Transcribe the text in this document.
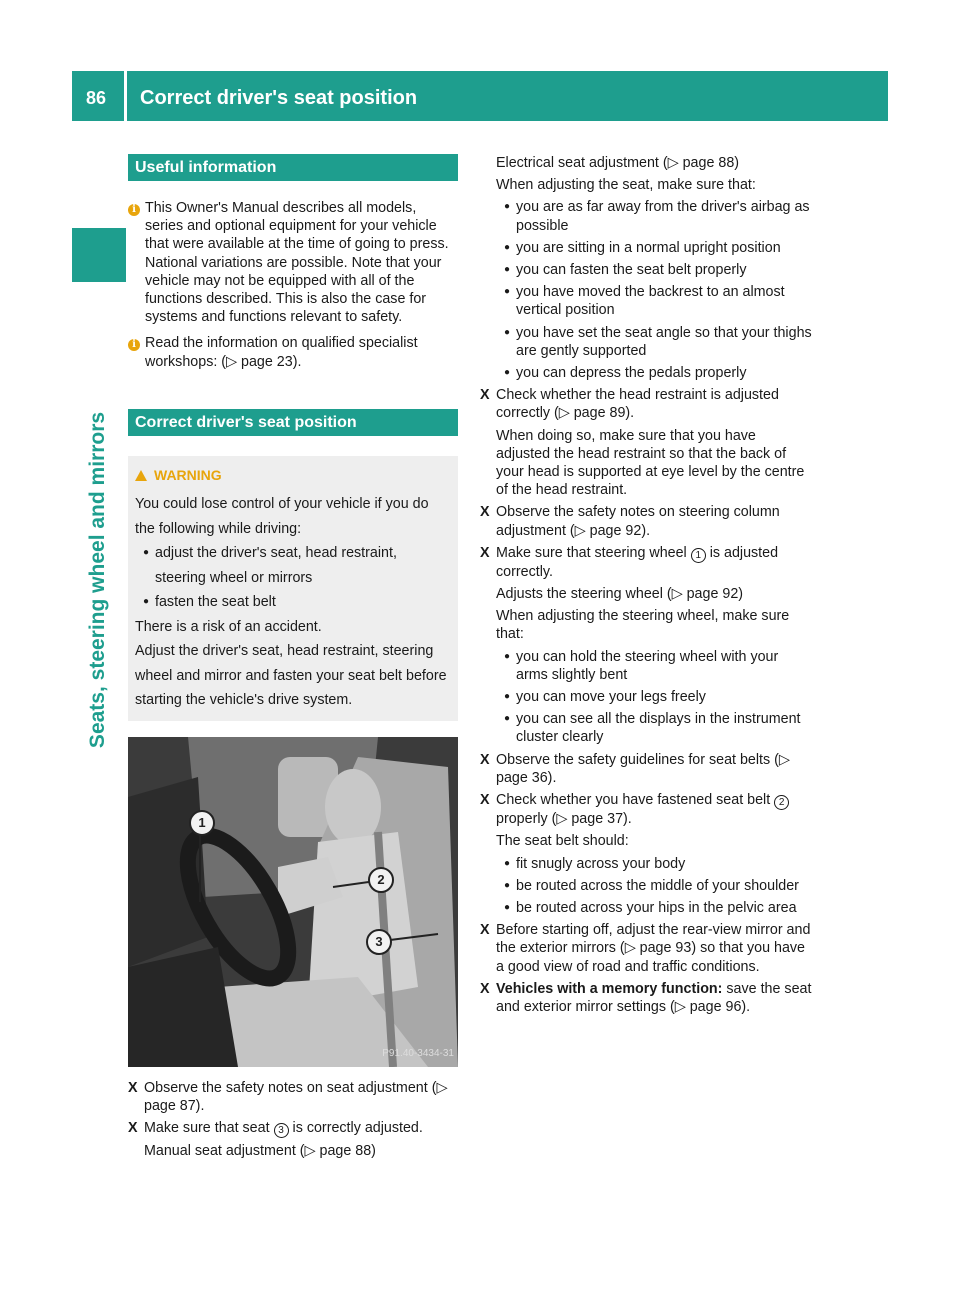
86 Correct driver's seat position
Seats, steering wheel and mirrors
Useful information
i This Owner's Manual describes all models, series and optional equipment for your vehicle that were available at the time of going to press. National variations are possible. Note that your vehicle may not be equipped with all of the functions described. This is also the case for systems and functions relevant to safety.
i Read the information on qualified specialist workshops: (▷ page 23).
Correct driver's seat position
WARNING

You could lose control of your vehicle if you do the following while driving:

● adjust the driver's seat, head restraint, steering wheel or mirrors
● fasten the seat belt

There is a risk of an accident.

Adjust the driver's seat, head restraint, steering wheel and mirror and fasten your seat belt before starting the vehicle's drive system.

1
2
3
P91.40-3434-31
X Observe the safety notes on seat adjustment (▷ page 87).
X Make sure that seat 3 is correctly adjusted.
Manual seat adjustment (▷ page 88)
Electrical seat adjustment (▷ page 88)
When adjusting the seat, make sure that:
● you are as far away from the driver's airbag as possible
● you are sitting in a normal upright position
● you can fasten the seat belt properly
● you have moved the backrest to an almost vertical position
● you have set the seat angle so that your thighs are gently supported
● you can depress the pedals properly
X Check whether the head restraint is adjusted correctly (▷ page 89).
When doing so, make sure that you have adjusted the head restraint so that the back of your head is supported at eye level by the centre of the head restraint.
X Observe the safety notes on steering column adjustment (▷ page 92).
X Make sure that steering wheel 1 is adjusted correctly.
Adjusts the steering wheel (▷ page 92)
When adjusting the steering wheel, make sure that:
● you can hold the steering wheel with your arms slightly bent
● you can move your legs freely
● you can see all the displays in the instrument cluster clearly
X Observe the safety guidelines for seat belts (▷ page 36).
X Check whether you have fastened seat belt 2 properly (▷ page 37).
The seat belt should:
● fit snugly across your body
● be routed across the middle of your shoulder
● be routed across your hips in the pelvic area
X Before starting off, adjust the rear-view mirror and the exterior mirrors (▷ page 93) so that you have a good view of road and traffic conditions.
X Vehicles with a memory function: save the seat and exterior mirror settings (▷ page 96).
